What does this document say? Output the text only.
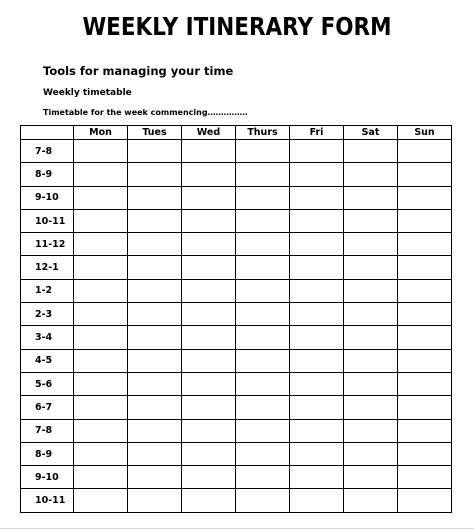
WEEKLY ITINERARY FORM
Tools for managing your time
Weekly timetable
Timetable for the week commencing……………
	Mon	Tues	Wed	Thurs	Fri	Sat	Sun
7-8							
8-9							
9-10							
10-11							
11-12							
12-1							
1-2							
2-3							
3-4							
4-5							
5-6							
6-7							
7-8							
8-9							
9-10							
10-11							
